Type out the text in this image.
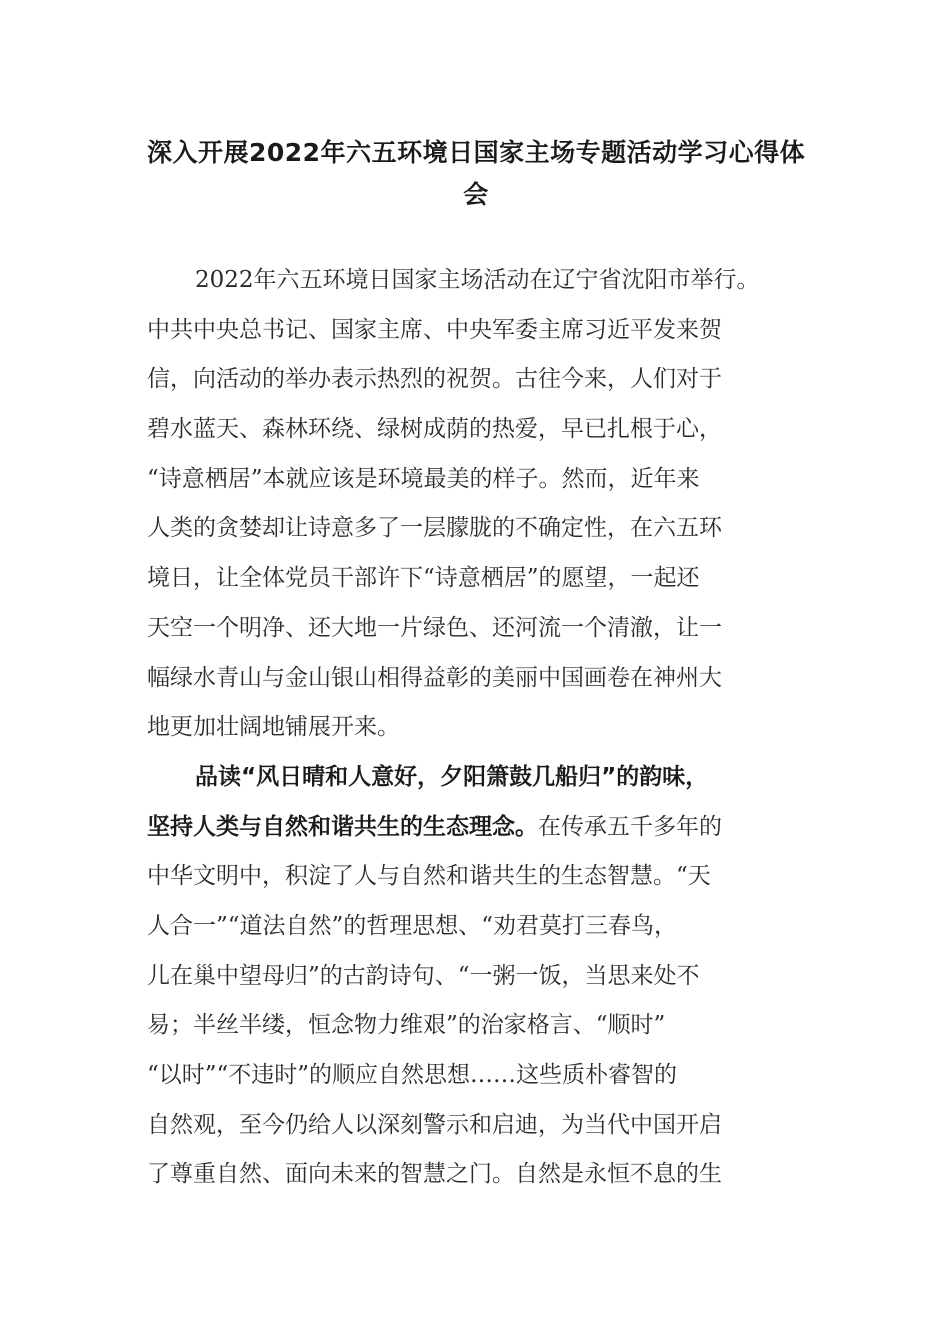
深入开展2022年六五环境日国家主场专题活动学习心得体
会

2022年六五环境日国家主场活动在辽宁省沈阳市举行。
中共中央总书记、国家主席、中央军委主席习近平发来贺
信，向活动的举办表示热烈的祝贺。古往今来，人们对于
碧水蓝天、森林环绕、绿树成荫的热爱，早已扎根于心，
“诗意栖居”本就应该是环境最美的样子。然而，近年来
人类的贪婪却让诗意多了一层朦胧的不确定性，在六五环
境日，让全体党员干部许下“诗意栖居”的愿望，一起还
天空一个明净、还大地一片绿色、还河流一个清澈，让一
幅绿水青山与金山银山相得益彰的美丽中国画卷在神州大
地更加壮阔地铺展开来。

品读“风日晴和人意好，夕阳箫鼓几船归”的韵味，
坚持人类与自然和谐共生的生态理念。在传承五千多年的
中华文明中，积淀了人与自然和谐共生的生态智慧。“天
人合一”“道法自然”的哲理思想、“劝君莫打三春鸟，
儿在巢中望母归”的古韵诗句、“一粥一饭，当思来处不
易；半丝半缕，恒念物力维艰”的治家格言、“顺时”
“以时”“不违时”的顺应自然思想……这些质朴睿智的
自然观，至今仍给人以深刻警示和启迪，为当代中国开启
了尊重自然、面向未来的智慧之门。自然是永恒不息的生
